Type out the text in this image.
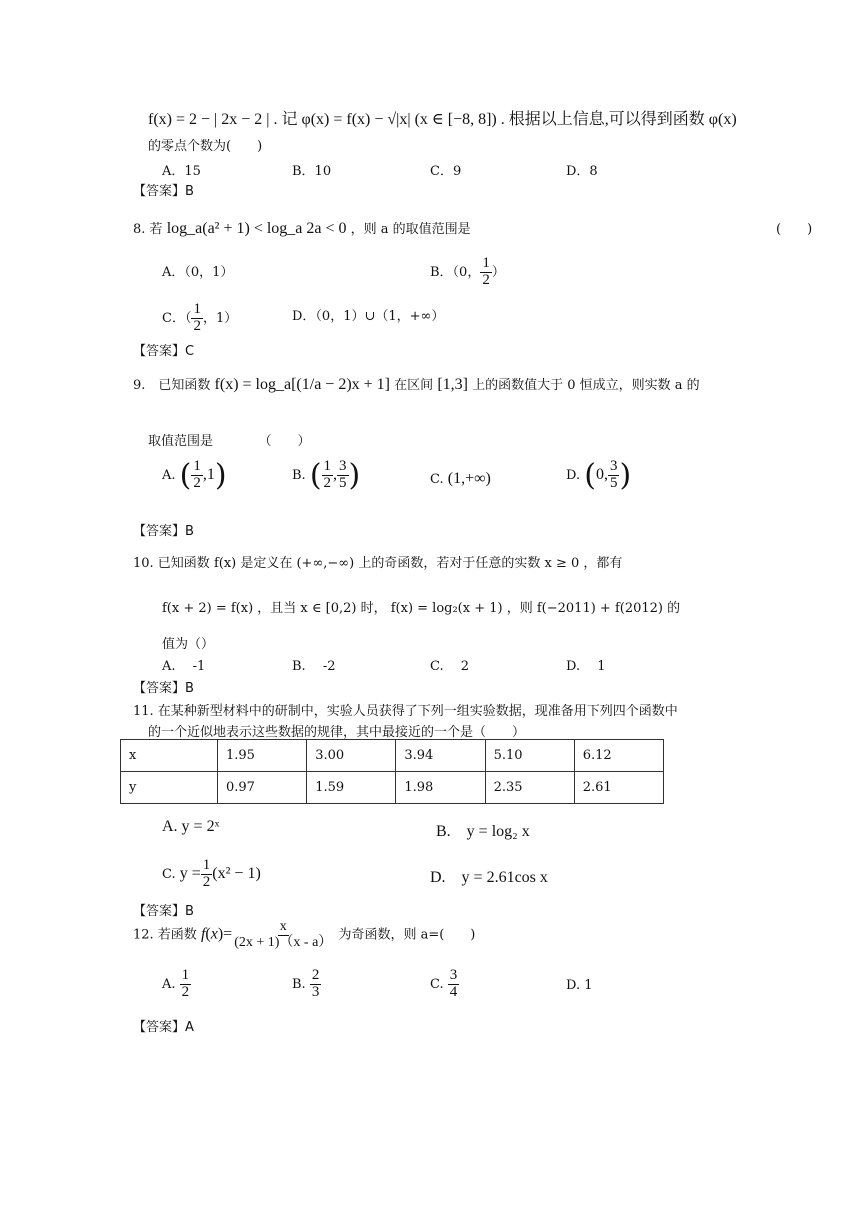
f(x) = 2 − | 2x − 2 | . 记 φ(x) = f(x) − √|x| (x ∈ [−8, 8]) . 根据以上信息,可以得到函数 φ(x)
的零点个数为(　　)
A．15	B．10	C．9	D．8
【答案】B
8. 若 log_a(a² + 1) < log_a 2a < 0 ，则 a 的取值范围是	(　　)
A．（0，1）	B．（0， $\frac{1}{2}$ ）
C．（ $\frac{1}{2}$ ，1）	D．（0，1）∪（1，+∞）
【答案】C
9.　已知函数 f(x) = log_a[(1/a − 2)x + 1] 在区间 [1,3] 上的函数值大于 0 恒成立，则实数 a 的
取值范围是　　　　（　　）
A. ( $\frac{1}{2} ,1$)	B. ( $\frac{1}{2}$ , $\frac{3}{5}$ )	C. (1,+∞)	D. (0, $\frac{3}{5}$ )
【答案】B
10. 已知函数 f(x) 是定义在 (+∞,−∞) 上的奇函数，若对于任意的实数 x ≥ 0 ，都有
f(x + 2) = f(x) ，且当 x ∈ [0,2) 时， f(x) = log₂(x + 1) ，则 f(−2011) + f(2012) 的
值为（）
A.　 -1	B.　 -2	C.　 2	D.　 1
【答案】B
11. 在某种新型材料中的研制中，实验人员获得了下列一组实验数据，现准备用下列四个函数中
的一个近似地表示这些数据的规律，其中最接近的一个是（　　）
x	1.95	3.00	3.94	5.10	6.12
y	0.97	1.59	1.98	2.35	2.61
A. y = 2ˣ	B.　y = log₂ x
C. $y = \frac{1}{2} (x^2 - 1)$	D.　y = 2.61cos x
【答案】B
12. 若函数 $f(x)= \frac{x}{(2x + 1)(x - a)}$ 为奇函数，则 a=(　　)
A. $\frac{1}{2}$	B. $\frac{2}{3}$	C. $\frac{3}{4}$	D. 1
【答案】A
